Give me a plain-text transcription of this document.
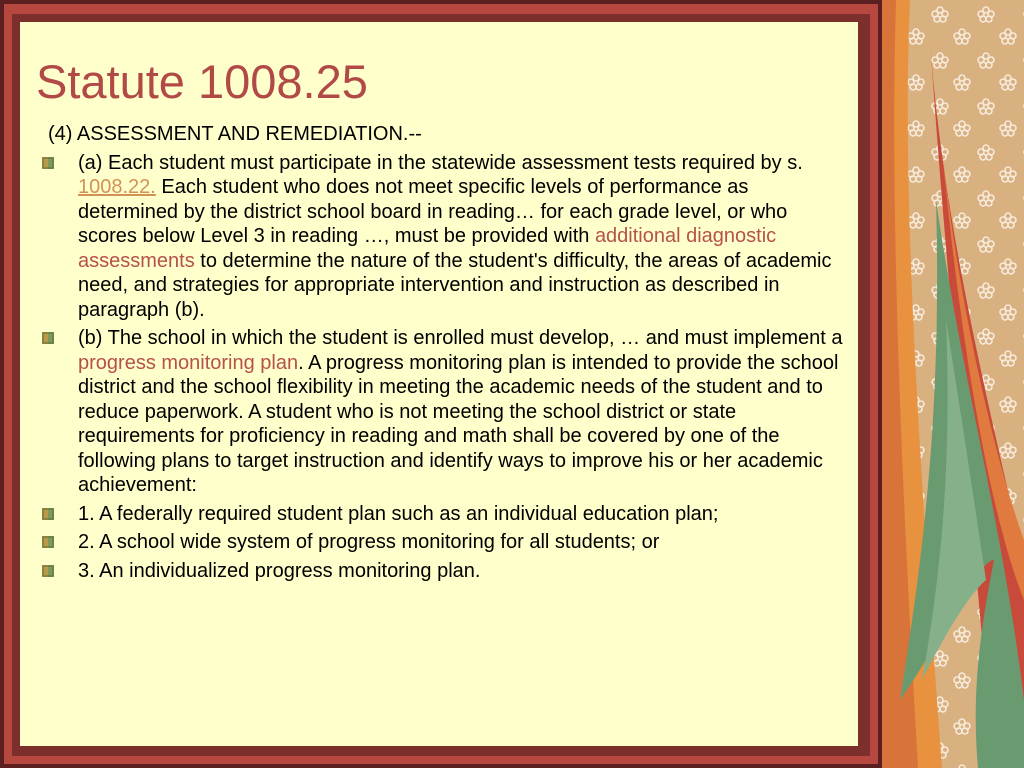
Statute 1008.25
(4) ASSESSMENT AND REMEDIATION.--
(a) Each student must participate in the statewide assessment tests required by s. 1008.22. Each student who does not meet specific levels of performance as determined by the district school board in reading… for each grade level, or who scores below Level 3 in reading …, must be provided with additional diagnostic assessments to determine the nature of the student's difficulty, the areas of academic need, and strategies for appropriate intervention and instruction as described in paragraph (b).
(b) The school in which the student is enrolled must develop, … and must implement a progress monitoring plan. A progress monitoring plan is intended to provide the school district and the school flexibility in meeting the academic needs of the student and to reduce paperwork. A student who is not meeting the school district or state requirements for proficiency in reading and math shall be covered by one of the following plans to target instruction and identify ways to improve his or her academic achievement:
1. A federally required student plan such as an individual education plan;
2. A school wide system of progress monitoring for all students; or
3. An individualized progress monitoring plan.
